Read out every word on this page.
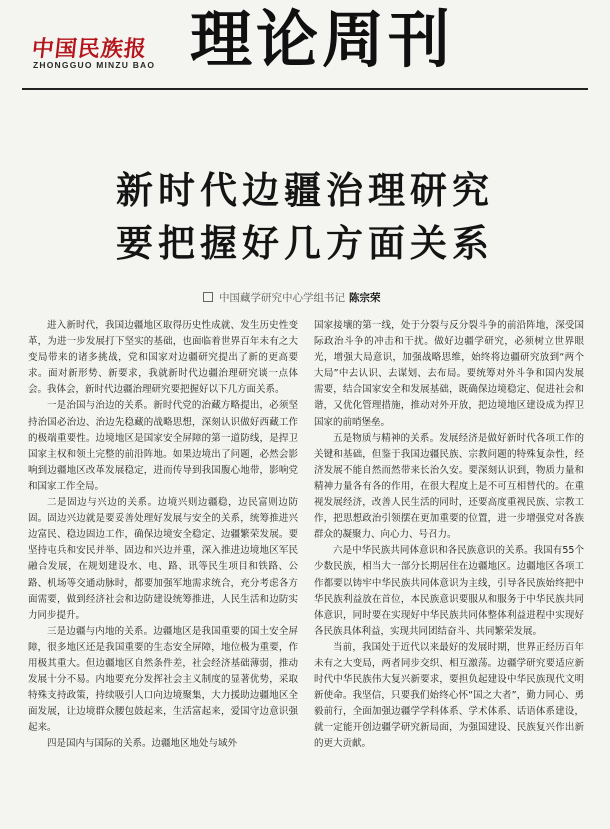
中国民族报
ZHONGGUO MINZU BAO 理论周刊
新时代边疆治理研究
要把握好几方面关系
中国藏学研究中心学组书记 陈宗荣

进入新时代，我国边疆地区取得历史性成就、发生历史性变革，为进一步发展打下坚实的基础，也面临着世界百年未有之大变局带来的诸多挑战，党和国家对边疆研究提出了新的更高要求。面对新形势、新要求，我就新时代边疆治理研究谈一点体会。我体会，新时代边疆治理研究要把握好以下几方面关系。

一是治国与治边的关系。新时代党的治藏方略提出，必须坚持治国必治边、治边先稳藏的战略思想，深刻认识做好西藏工作的极端重要性。边境地区是国家安全屏障的第一道防线，是捍卫国家主权和领土完整的前沿阵地。如果边境出了问题，必然会影响到边疆地区改革发展稳定，进而传导到我国腹心地带，影响党和国家工作全局。

二是固边与兴边的关系。边境兴则边疆稳，边民富则边防固。固边兴边就是要妥善处理好发展与安全的关系，统筹推进兴边富民、稳边固边工作，确保边境安全稳定、边疆繁荣发展。要坚持屯兵和安民并举、固边和兴边并重，深入推进边境地区军民融合发展，在规划建设水、电、路、讯等民生项目和铁路、公路、机场等交通动脉时，都要加强军地需求统合，充分考虑各方面需要，做到经济社会和边防建设统筹推进，人民生活和边防实力同步提升。

三是边疆与内地的关系。边疆地区是我国重要的国土安全屏障，很多地区还是我国重要的生态安全屏障，地位极为重要，作用极其重大。但边疆地区自然条件差，社会经济基础薄弱，推动发展十分不易。内地要充分发挥社会主义制度的显著优势，采取特殊支持政策，持续吸引人口向边境聚集，大力援助边疆地区全面发展，让边境群众腰包鼓起来，生活富起来，爱国守边意识强起来。

四是国内与国际的关系。边疆地区地处与域外

国家接壤的第一线，处于分裂与反分裂斗争的前沿阵地，深受国际政治斗争的冲击和干扰。做好边疆学研究，必须树立世界眼光，增强大局意识，加强战略思维，始终将边疆研究放到“两个大局”中去认识、去谋划、去布局。要统筹对外斗争和国内发展需要，结合国家安全和发展基础，既确保边境稳定、促进社会和谐，又优化管理措施，推动对外开放，把边境地区建设成为捍卫国家的前哨堡垒。

五是物质与精神的关系。发展经济是做好新时代各项工作的关键和基础，但鉴于我国边疆民族、宗教问题的特殊复杂性，经济发展不能自然而然带来长治久安。要深刻认识到，物质力量和精神力量各有各的作用，在很大程度上是不可互相替代的。在重视发展经济，改善人民生活的同时，还要高度重视民族、宗教工作，把思想政治引领摆在更加重要的位置，进一步增强党对各族群众的凝聚力、向心力、号召力。

六是中华民族共同体意识和各民族意识的关系。我国有55个少数民族，相当大一部分长期居住在边疆地区。边疆地区各项工作都要以铸牢中华民族共同体意识为主线，引导各民族始终把中华民族利益放在首位，本民族意识要服从和服务于中华民族共同体意识，同时要在实现好中华民族共同体整体利益进程中实现好各民族具体利益，实现共同团结奋斗、共同繁荣发展。

当前，我国处于近代以来最好的发展时期，世界正经历百年未有之大变局，两者同步交织、相互激荡。边疆学研究要适应新时代中华民族伟大复兴新要求，要担负起建设中华民族现代文明新使命。我坚信，只要我们始终心怀“国之大者”，勤力同心、勇毅前行，全面加强边疆学学科体系、学术体系、话语体系建设，就一定能开创边疆学研究新局面，为强国建设、民族复兴作出新的更大贡献。
